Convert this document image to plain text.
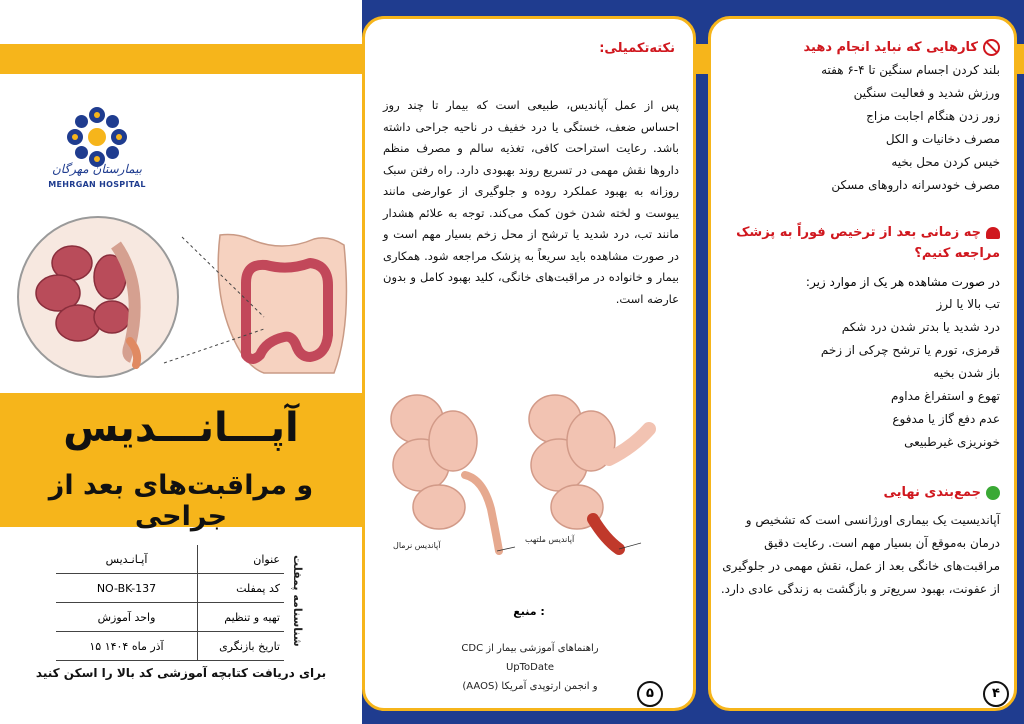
بیمارستان مهرگان
MEHRGAN HOSPITAL
آپـــانـــدیس
و مراقبت‌های بعد از جراحی
آپـانـدیس	عنوان
NO-BK-137	کد پمفلت
واحد آموزش	تهیه و تنظیم
۱۵ آذر ماه ۱۴۰۴	تاریخ بازنگری	شناسنامه پمفلت
برای دریافت کتابچه آموزشی کد بالا را اسکن کنید
نکته‌تکمیلی:
پس از عمل آپاندیس، طبیعی است که بیمار تا چند روز احساس ضعف، خستگی یا درد خفیف در ناحیه جراحی داشته باشد. رعایت استراحت کافی، تغذیه سالم و مصرف منظم داروها نقش مهمی در تسریع روند بهبودی دارد. راه رفتن سبک روزانه به بهبود عملکرد روده و جلوگیری از عوارضی مانند یبوست و لخته شدن خون کمک می‌کند. توجه به علائم هشدار مانند تب، درد شدید یا ترشح از محل زخم بسیار مهم است و در صورت مشاهده باید سریعاً به پزشک مراجعه شود. همکاری بیمار و خانواده در مراقبت‌های خانگی، کلید بهبود کامل و بدون عارضه است.
آپاندیس نرمال
آپاندیس ملتهب
منبع :
راهنماهای آموزشی بیمار از CDC
UpToDate
و انجمن ارتوپدی آمریکا (AAOS)	۵
کارهایی که نباید انجام دهید
بلند کردن اجسام سنگین تا ۴-۶ هفته
ورزش شدید و فعالیت سنگین
زور زدن هنگام اجابت مزاج
مصرف دخانیات و الکل
خیس کردن محل بخیه
مصرف خودسرانه داروهای مسکن
چه زمانی بعد از ترخیص فوراً به پزشک
مراجعه کنیم؟
در صورت مشاهده هر یک از موارد زیر:
تب بالا یا لرز
درد شدید یا بدتر شدن درد شکم
قرمزی، تورم یا ترشح چرکی از زخم
باز شدن بخیه
تهوع و استفراغ مداوم
عدم دفع گاز یا مدفوع
خونریزی غیرطبیعی
جمع‌بندی نهایی
آپاندیسیت یک بیماری اورژانسی است که تشخیص و درمان به‌موقع آن بسیار مهم است. رعایت دقیق مراقبت‌های خانگی بعد از عمل، نقش مهمی در جلوگیری از عفونت، بهبود سریع‌تر و بازگشت به زندگی عادی دارد.
۴
